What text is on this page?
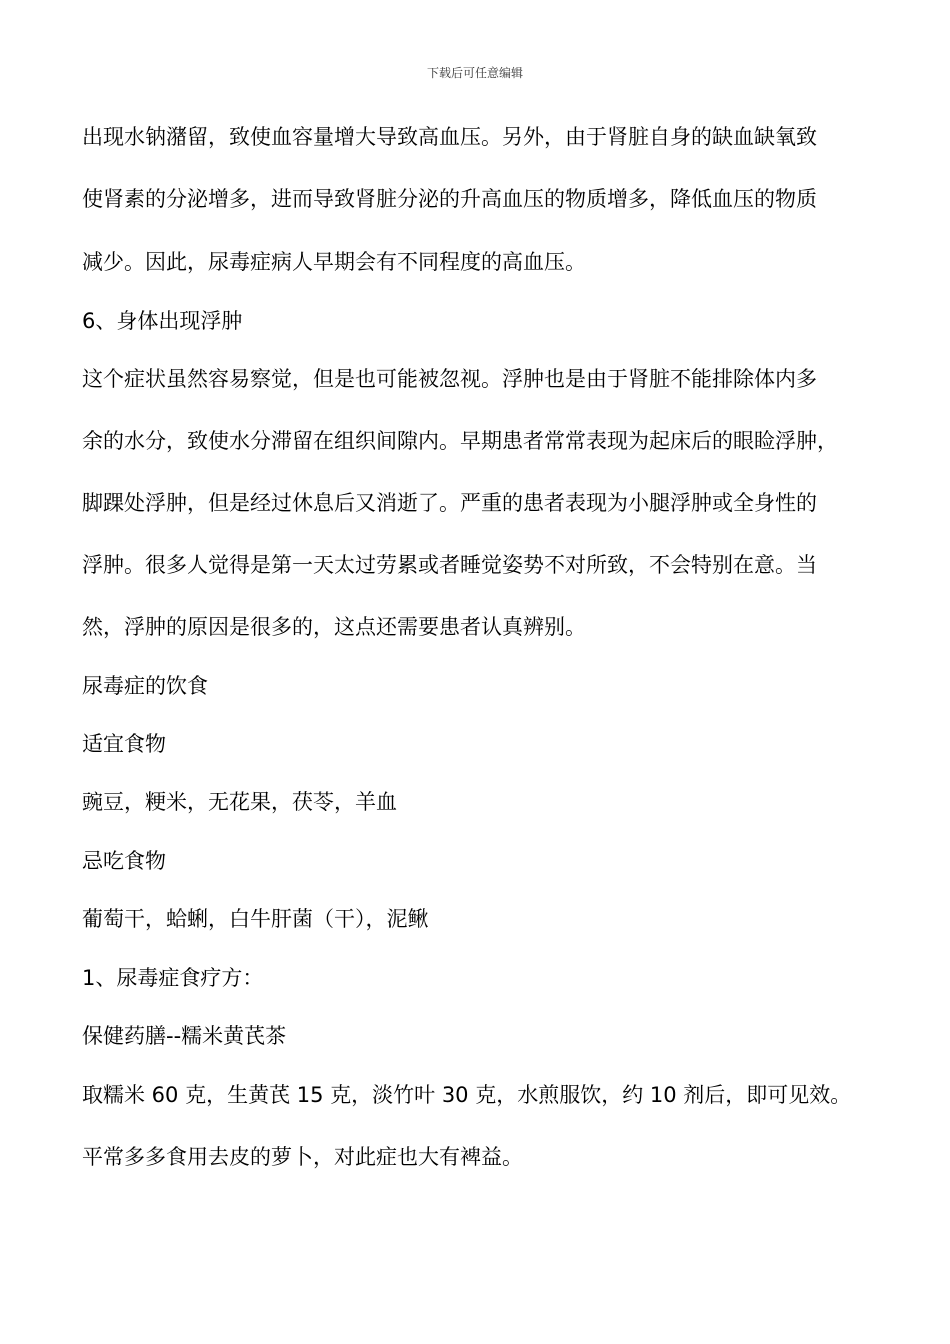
下载后可任意编辑
出现水钠潴留，致使血容量增大导致高血压。另外，由于肾脏自身的缺血缺氧致
使肾素的分泌增多，进而导致肾脏分泌的升高血压的物质增多，降低血压的物质
减少。因此，尿毒症病人早期会有不同程度的高血压。
6、身体出现浮肿
这个症状虽然容易察觉，但是也可能被忽视。浮肿也是由于肾脏不能排除体内多
余的水分，致使水分滞留在组织间隙内。早期患者常常表现为起床后的眼睑浮肿，
脚踝处浮肿，但是经过休息后又消逝了。严重的患者表现为小腿浮肿或全身性的
浮肿。很多人觉得是第一天太过劳累或者睡觉姿势不对所致，不会特别在意。当
然，浮肿的原因是很多的，这点还需要患者认真辨别。
尿毒症的饮食
适宜食物
豌豆，粳米，无花果，茯苓，羊血
忌吃食物
葡萄干，蛤蜊，白牛肝菌（干），泥鳅
1、尿毒症食疗方：
保健药膳--糯米黄芪茶
取糯米 60 克，生黄芪 15 克，淡竹叶 30 克，水煎服饮，约 10 剂后，即可见效。
平常多多食用去皮的萝卜，对此症也大有裨益。
